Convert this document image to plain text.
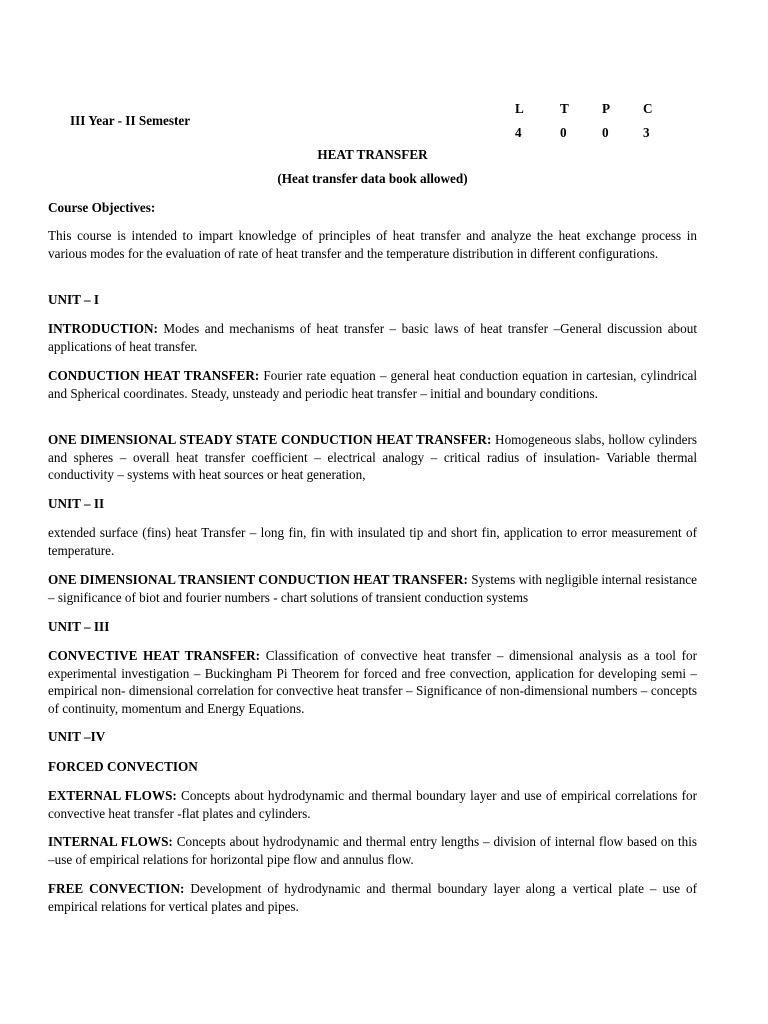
III Year - II Semester
L	T	P	C
4	0	0	3
HEAT TRANSFER
(Heat transfer data book allowed)
Course Objectives:

This course is intended to impart knowledge of principles of heat transfer and analyze the heat exchange process in various modes for the evaluation of rate of heat transfer and the temperature distribution in different configurations.

UNIT – I

INTRODUCTION: Modes and mechanisms of heat transfer – basic laws of heat transfer –General discussion about applications of heat transfer.

CONDUCTION HEAT TRANSFER: Fourier rate equation – general heat conduction equation in cartesian, cylindrical and Spherical coordinates. Steady, unsteady and periodic heat transfer – initial and boundary conditions.

ONE DIMENSIONAL STEADY STATE CONDUCTION HEAT TRANSFER: Homogeneous slabs, hollow cylinders and spheres – overall heat transfer coefficient – electrical analogy – critical radius of insulation- Variable thermal conductivity – systems with heat sources or heat generation,

UNIT – II

extended surface (fins) heat Transfer – long fin, fin with insulated tip and short fin, application to error measurement of temperature.

ONE DIMENSIONAL TRANSIENT CONDUCTION HEAT TRANSFER: Systems with negligible internal resistance – significance of biot and fourier numbers - chart solutions of transient conduction systems

UNIT – III

CONVECTIVE HEAT TRANSFER: Classification of convective heat transfer – dimensional analysis as a tool for experimental investigation – Buckingham Pi Theorem for forced and free convection, application for developing semi – empirical non- dimensional correlation for convective heat transfer – Significance of non-dimensional numbers – concepts of continuity, momentum and Energy Equations.

UNIT –IV
FORCED CONVECTION

EXTERNAL FLOWS: Concepts about hydrodynamic and thermal boundary layer and use of empirical correlations for convective heat transfer -flat plates and cylinders.

INTERNAL FLOWS: Concepts about hydrodynamic and thermal entry lengths – division of internal flow based on this –use of empirical relations for horizontal pipe flow and annulus flow.

FREE CONVECTION: Development of hydrodynamic and thermal boundary layer along a vertical plate – use of empirical relations for vertical plates and pipes.
